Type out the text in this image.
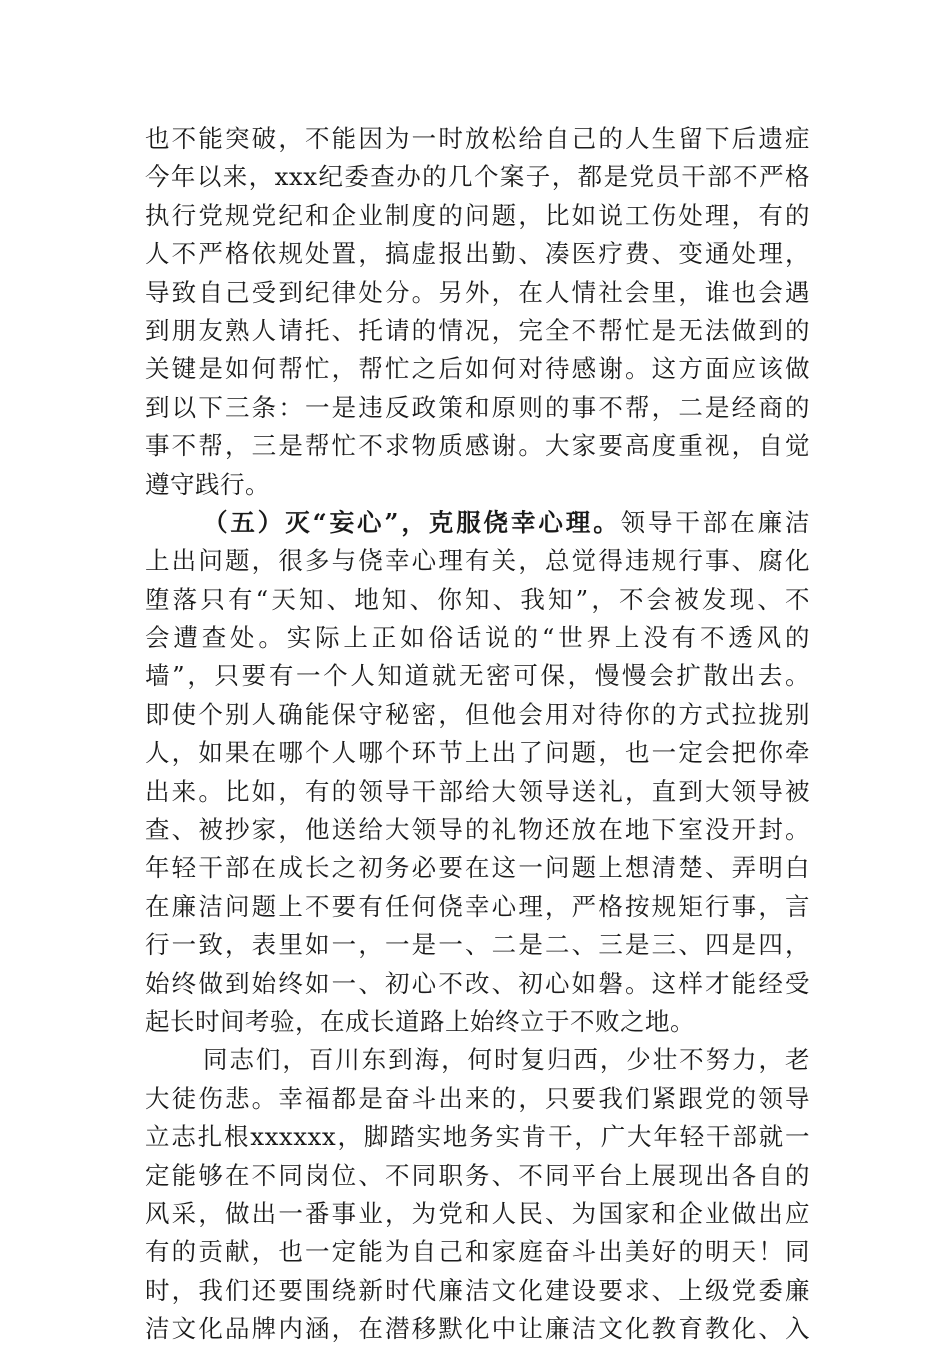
也不能突破，不能因为一时放松给自己的人生留下后遗症
今年以来，xxx纪委查办的几个案子，都是党员干部不严格
执行党规党纪和企业制度的问题，比如说工伤处理，有的
人不严格依规处置，搞虚报出勤、凑医疗费、变通处理，
导致自己受到纪律处分。另外，在人情社会里，谁也会遇
到朋友熟人请托、托请的情况，完全不帮忙是无法做到的
关键是如何帮忙，帮忙之后如何对待感谢。这方面应该做
到以下三条：一是违反政策和原则的事不帮，二是经商的
事不帮，三是帮忙不求物质感谢。大家要高度重视，自觉
遵守践行。
（五）灭“妄心”，克服侥幸心理。领导干部在廉洁
上出问题，很多与侥幸心理有关，总觉得违规行事、腐化
堕落只有“天知、地知、你知、我知”，不会被发现、不
会遭查处。实际上正如俗话说的“世界上没有不透风的
墙”，只要有一个人知道就无密可保，慢慢会扩散出去。
即使个别人确能保守秘密，但他会用对待你的方式拉拢别
人，如果在哪个人哪个环节上出了问题，也一定会把你牵
出来。比如，有的领导干部给大领导送礼，直到大领导被
查、被抄家，他送给大领导的礼物还放在地下室没开封。
年轻干部在成长之初务必要在这一问题上想清楚、弄明白
在廉洁问题上不要有任何侥幸心理，严格按规矩行事，言
行一致，表里如一，一是一、二是二、三是三、四是四，
始终做到始终如一、初心不改、初心如磐。这样才能经受
起长时间考验，在成长道路上始终立于不败之地。
同志们，百川东到海，何时复归西，少壮不努力，老
大徒伤悲。幸福都是奋斗出来的，只要我们紧跟党的领导
立志扎根xxxxxx，脚踏实地务实肯干，广大年轻干部就一
定能够在不同岗位、不同职务、不同平台上展现出各自的
风采，做出一番事业，为党和人民、为国家和企业做出应
有的贡献，也一定能为自己和家庭奋斗出美好的明天！同
时，我们还要围绕新时代廉洁文化建设要求、上级党委廉
洁文化品牌内涵，在潜移默化中让廉洁文化教育教化、入
